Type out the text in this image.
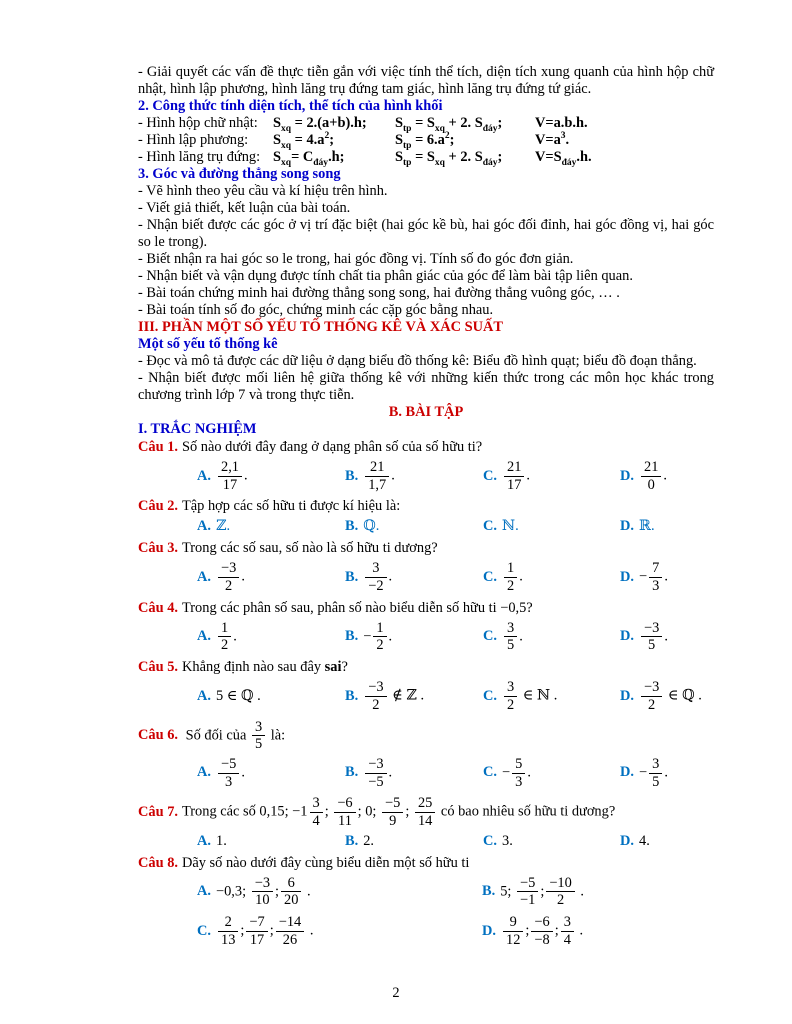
- Giải quyết các vấn đề thực tiễn gắn với việc tính thể tích, diện tích xung quanh của hình hộp chữ nhật, hình lập phương, hình lăng trụ đứng tam giác, hình lăng trụ đứng tứ giác.
2. Công thức tính diện tích, thể tích của hình khối
- Hình hộp chữ nhật:	$S_{xq} = 2.(a+b).h$;	$S_{tp} = S_{xq} + 2$. $S_{đáy}$;	V=a.b.h.
- Hình lập phương:	$S_{xq} = 4.a^2$;	$S_{tp} = 6.a^2$;	$V=a^3$.
- Hình lăng trụ đứng: $S_{xq}= C_{đáy}.h$;	$S_{tp} = S_{xq} + 2$. $S_{đáy}$;	$V=S_{đáy}.h$.
3. Góc và đường thẳng song song
- Vẽ hình theo yêu cầu và kí hiệu trên hình.
- Viết giả thiết, kết luận của bài toán.
- Nhận biết được các góc ở vị trí đặc biệt (hai góc kề bù, hai góc đối đỉnh, hai góc đồng vị, hai góc so le trong).
- Biết nhận ra hai góc so le trong, hai góc đồng vị. Tính số đo góc đơn giản.
- Nhận biết và vận dụng được tính chất tia phân giác của góc để làm bài tập liên quan.
- Bài toán chứng minh hai đường thẳng song song, hai đường thẳng vuông góc, … .
- Bài toán tính số đo góc, chứng minh các cặp góc bằng nhau.
III. PHẦN MỘT SỐ YẾU TỐ THỐNG KÊ VÀ XÁC SUẤT
Một số yếu tố thống kê
- Đọc và mô tả được các dữ liệu ở dạng biểu đồ thống kê: Biểu đồ hình quạt; biểu đồ đoạn thẳng.
- Nhận biết được mối liên hệ giữa thống kê với những kiến thức trong các môn học khác trong chương trình lớp 7 và trong thực tiễn.
B. BÀI TẬP
I. TRẮC NGHIỆM
Câu 1. Số nào dưới đây đang ở dạng phân số của số hữu ti?
A. $\frac{2,1}{17}$ .	B. $\frac{21}{1,7}$ .	C. $\frac{21}{17}$ .	D. $\frac{21}{0}$ .
Câu 2. Tập hợp các số hữu ti được kí hiệu là:
A. ℤ.	B. ℚ.	C. ℕ.	D. ℝ.
Câu 3. Trong các số sau, số nào là số hữu ti dương?
A. $\frac{-3}{2}$ .	B. $\frac{3}{-2}$ .	C. $\frac{1}{2}$ .	D. − $\frac{7}{3}$ .
Câu 4. Trong các phân số sau, phân số nào biểu diễn số hữu ti −0,5?
A. $\frac{1}{2}$ .	B. − $\frac{1}{2}$ .	C. $\frac{3}{5}$ .	D. $\frac{-3}{5}$ .
Câu 5. Khẳng định nào sau đây sai?
A. 5 ∈ ℚ .	B. $\frac{-3}{2}$ ∉ ℤ .	C. $\frac{3}{2}$ ∈ ℕ .	D. $\frac{-3}{2}$ ∈ ℚ .
Câu 6. Số đối của $\frac{3}{5}$ là:
A. $\frac{-5}{3}$ .	B. $\frac{-3}{-5}$ .	C. − $\frac{5}{3}$ .	D. − $\frac{3}{5}$ .
Câu 7. Trong các số 0,15; $-1 \frac{3}{4}$ ; $\frac{-6}{11}$ ; 0; $\frac{-5}{9}$ ; $\frac{25}{14}$ có bao nhiêu số hữu ti dương?
A. 1.	B. 2.	C. 3.	D. 4.
Câu 8. Dãy số nào dưới đây cùng biểu diễn một số hữu ti
A. −0,3; $\frac{-3}{10}$ ; $\frac{6}{20}$ .	B. 5; $\frac{-5}{-1}$ ; $\frac{-10}{2}$ .
C. $\frac{2}{13}$ ; $\frac{-7}{17}$ ; $\frac{-14}{26}$ .	D. $\frac{9}{12}$ ; $\frac{-6}{-8}$ ; $\frac{3}{4}$ .
2
